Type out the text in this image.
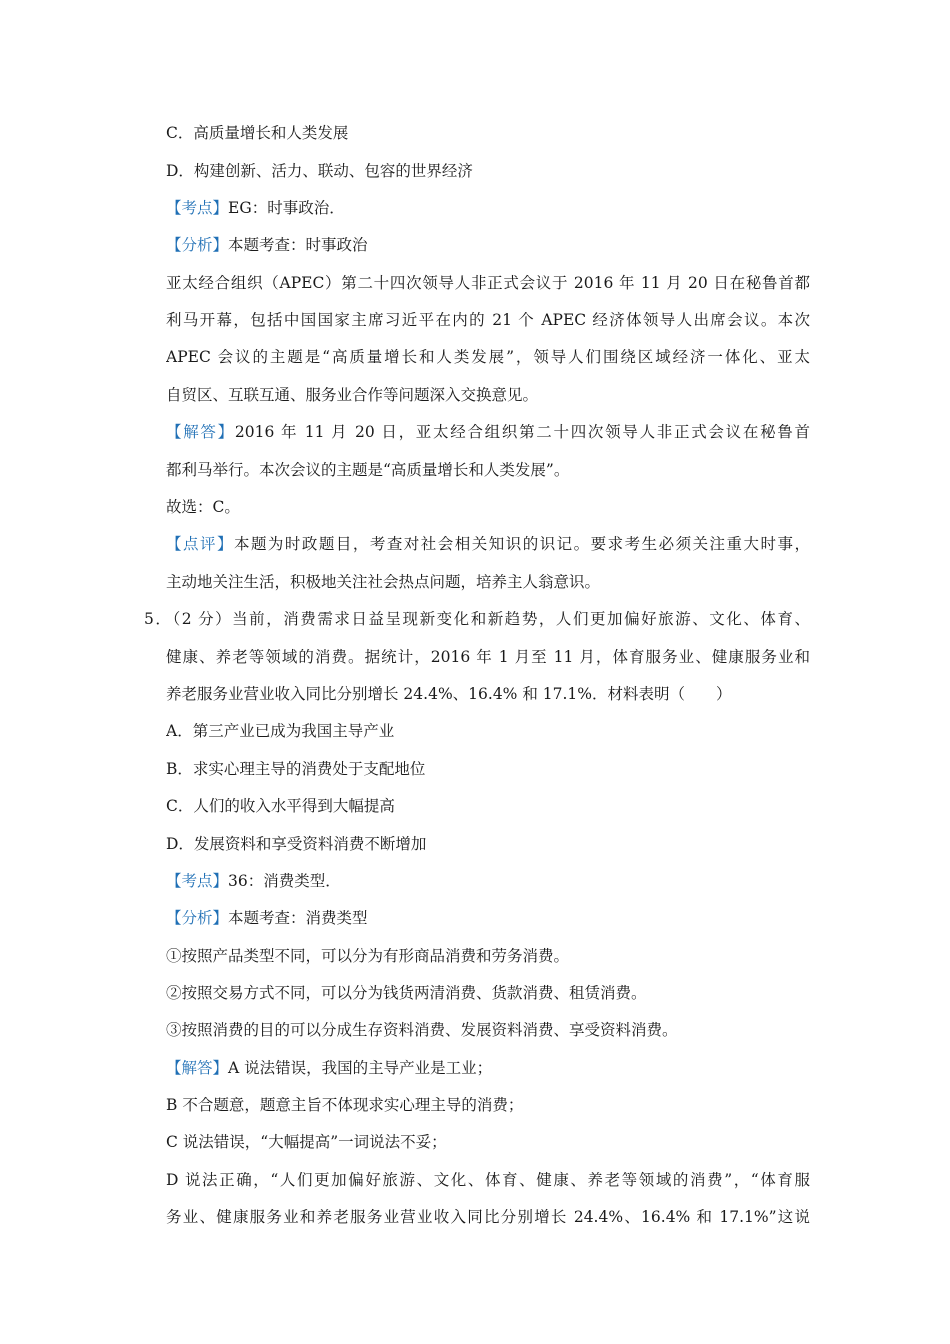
C．高质量增长和人类发展
D．构建创新、活力、联动、包容的世界经济
【考点】EG：时事政治．
【分析】本题考查：时事政治
亚太经合组织（APEC）第二十四次领导人非正式会议于 2016 年 11 月 20 日在秘鲁首都
利马开幕，包括中国国家主席习近平在内的 21 个 APEC 经济体领导人出席会议。本次
APEC 会议的主题是“高质量增长和人类发展”，领导人们围绕区域经济一体化、亚太
自贸区、互联互通、服务业合作等问题深入交换意见。
【解答】2016 年 11 月 20 日，亚太经合组织第二十四次领导人非正式会议在秘鲁首
都利马举行。本次会议的主题是“高质量增长和人类发展”。
故选：C。
【点评】本题为时政题目，考查对社会相关知识的识记。要求考生必须关注重大时事，
主动地关注生活，积极地关注社会热点问题，培养主人翁意识。
5．（2 分）当前，消费需求日益呈现新变化和新趋势，人们更加偏好旅游、文化、体育、
健康、养老等领域的消费。据统计，2016 年 1 月至 11 月，体育服务业、健康服务业和
养老服务业营业收入同比分别增长 24.4%、16.4% 和 17.1%．材料表明（　　）
A．第三产业已成为我国主导产业
B．求实心理主导的消费处于支配地位
C．人们的收入水平得到大幅提高
D．发展资料和享受资料消费不断增加
【考点】36：消费类型．
【分析】本题考查：消费类型
①按照产品类型不同，可以分为有形商品消费和劳务消费。
②按照交易方式不同，可以分为钱货两清消费、货款消费、租赁消费。
③按照消费的目的可以分成生存资料消费、发展资料消费、享受资料消费。
【解答】A 说法错误，我国的主导产业是工业；
B 不合题意，题意主旨不体现求实心理主导的消费；
C 说法错误，“大幅提高”一词说法不妥；
D 说法正确，“人们更加偏好旅游、文化、体育、健康、养老等领域的消费”，“体育服
务业、健康服务业和养老服务业营业收入同比分别增长 24.4%、16.4% 和 17.1%”这说
